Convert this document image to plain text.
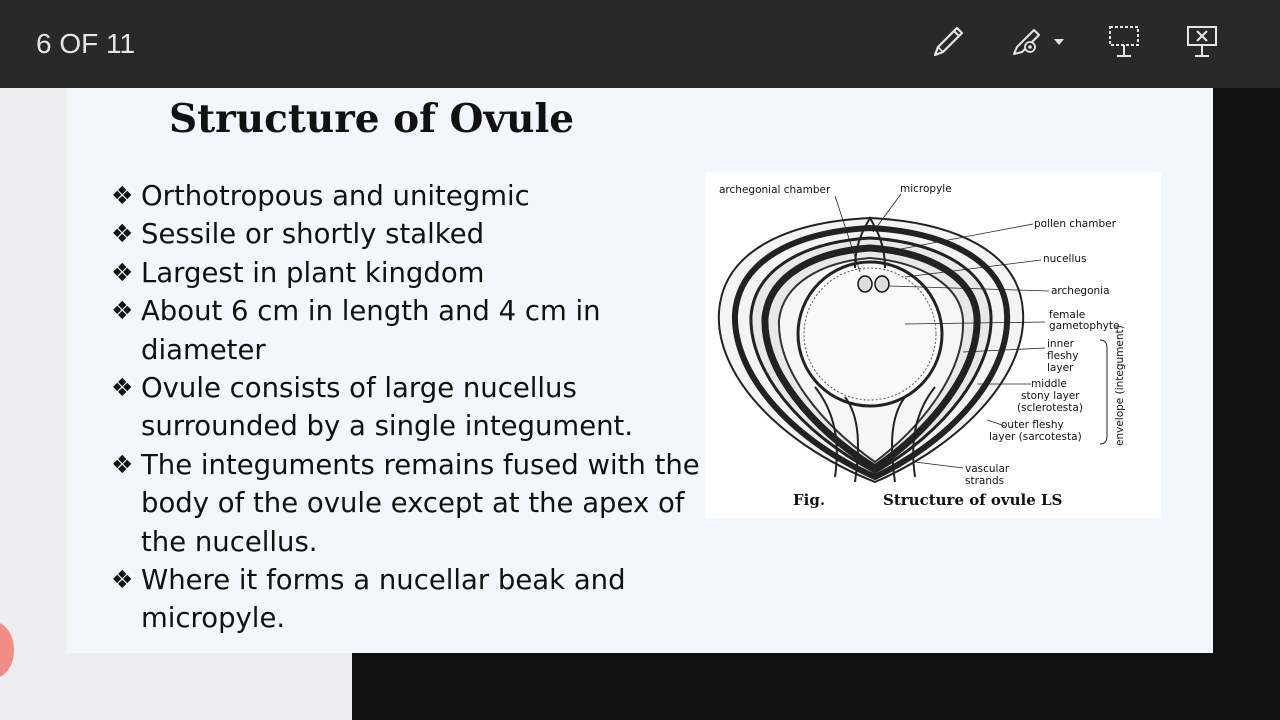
6 OF 11
Structure of Ovule
❖ Orthotropous and unitegmic
❖ Sessile or shortly stalked
❖ Largest in plant kingdom
❖ About 6 cm in length and 4 cm in diameter
❖ Ovule consists of large nucellus surrounded by a single integument.
❖ The integuments remains fused with the body of the ovule except at the apex of the nucellus.
❖ Where it forms a nucellar beak and micropyle.
archegonial chamber	micropyle
pollen chamber
nucellus
archegonia
female
gametophyte
inner
fleshy
layer
middle
stony layer
(sclerotesta)
outer fleshy
layer (sarcotesta)	envelope (integument)
vascular
strands
Fig.	Structure of ovule LS
